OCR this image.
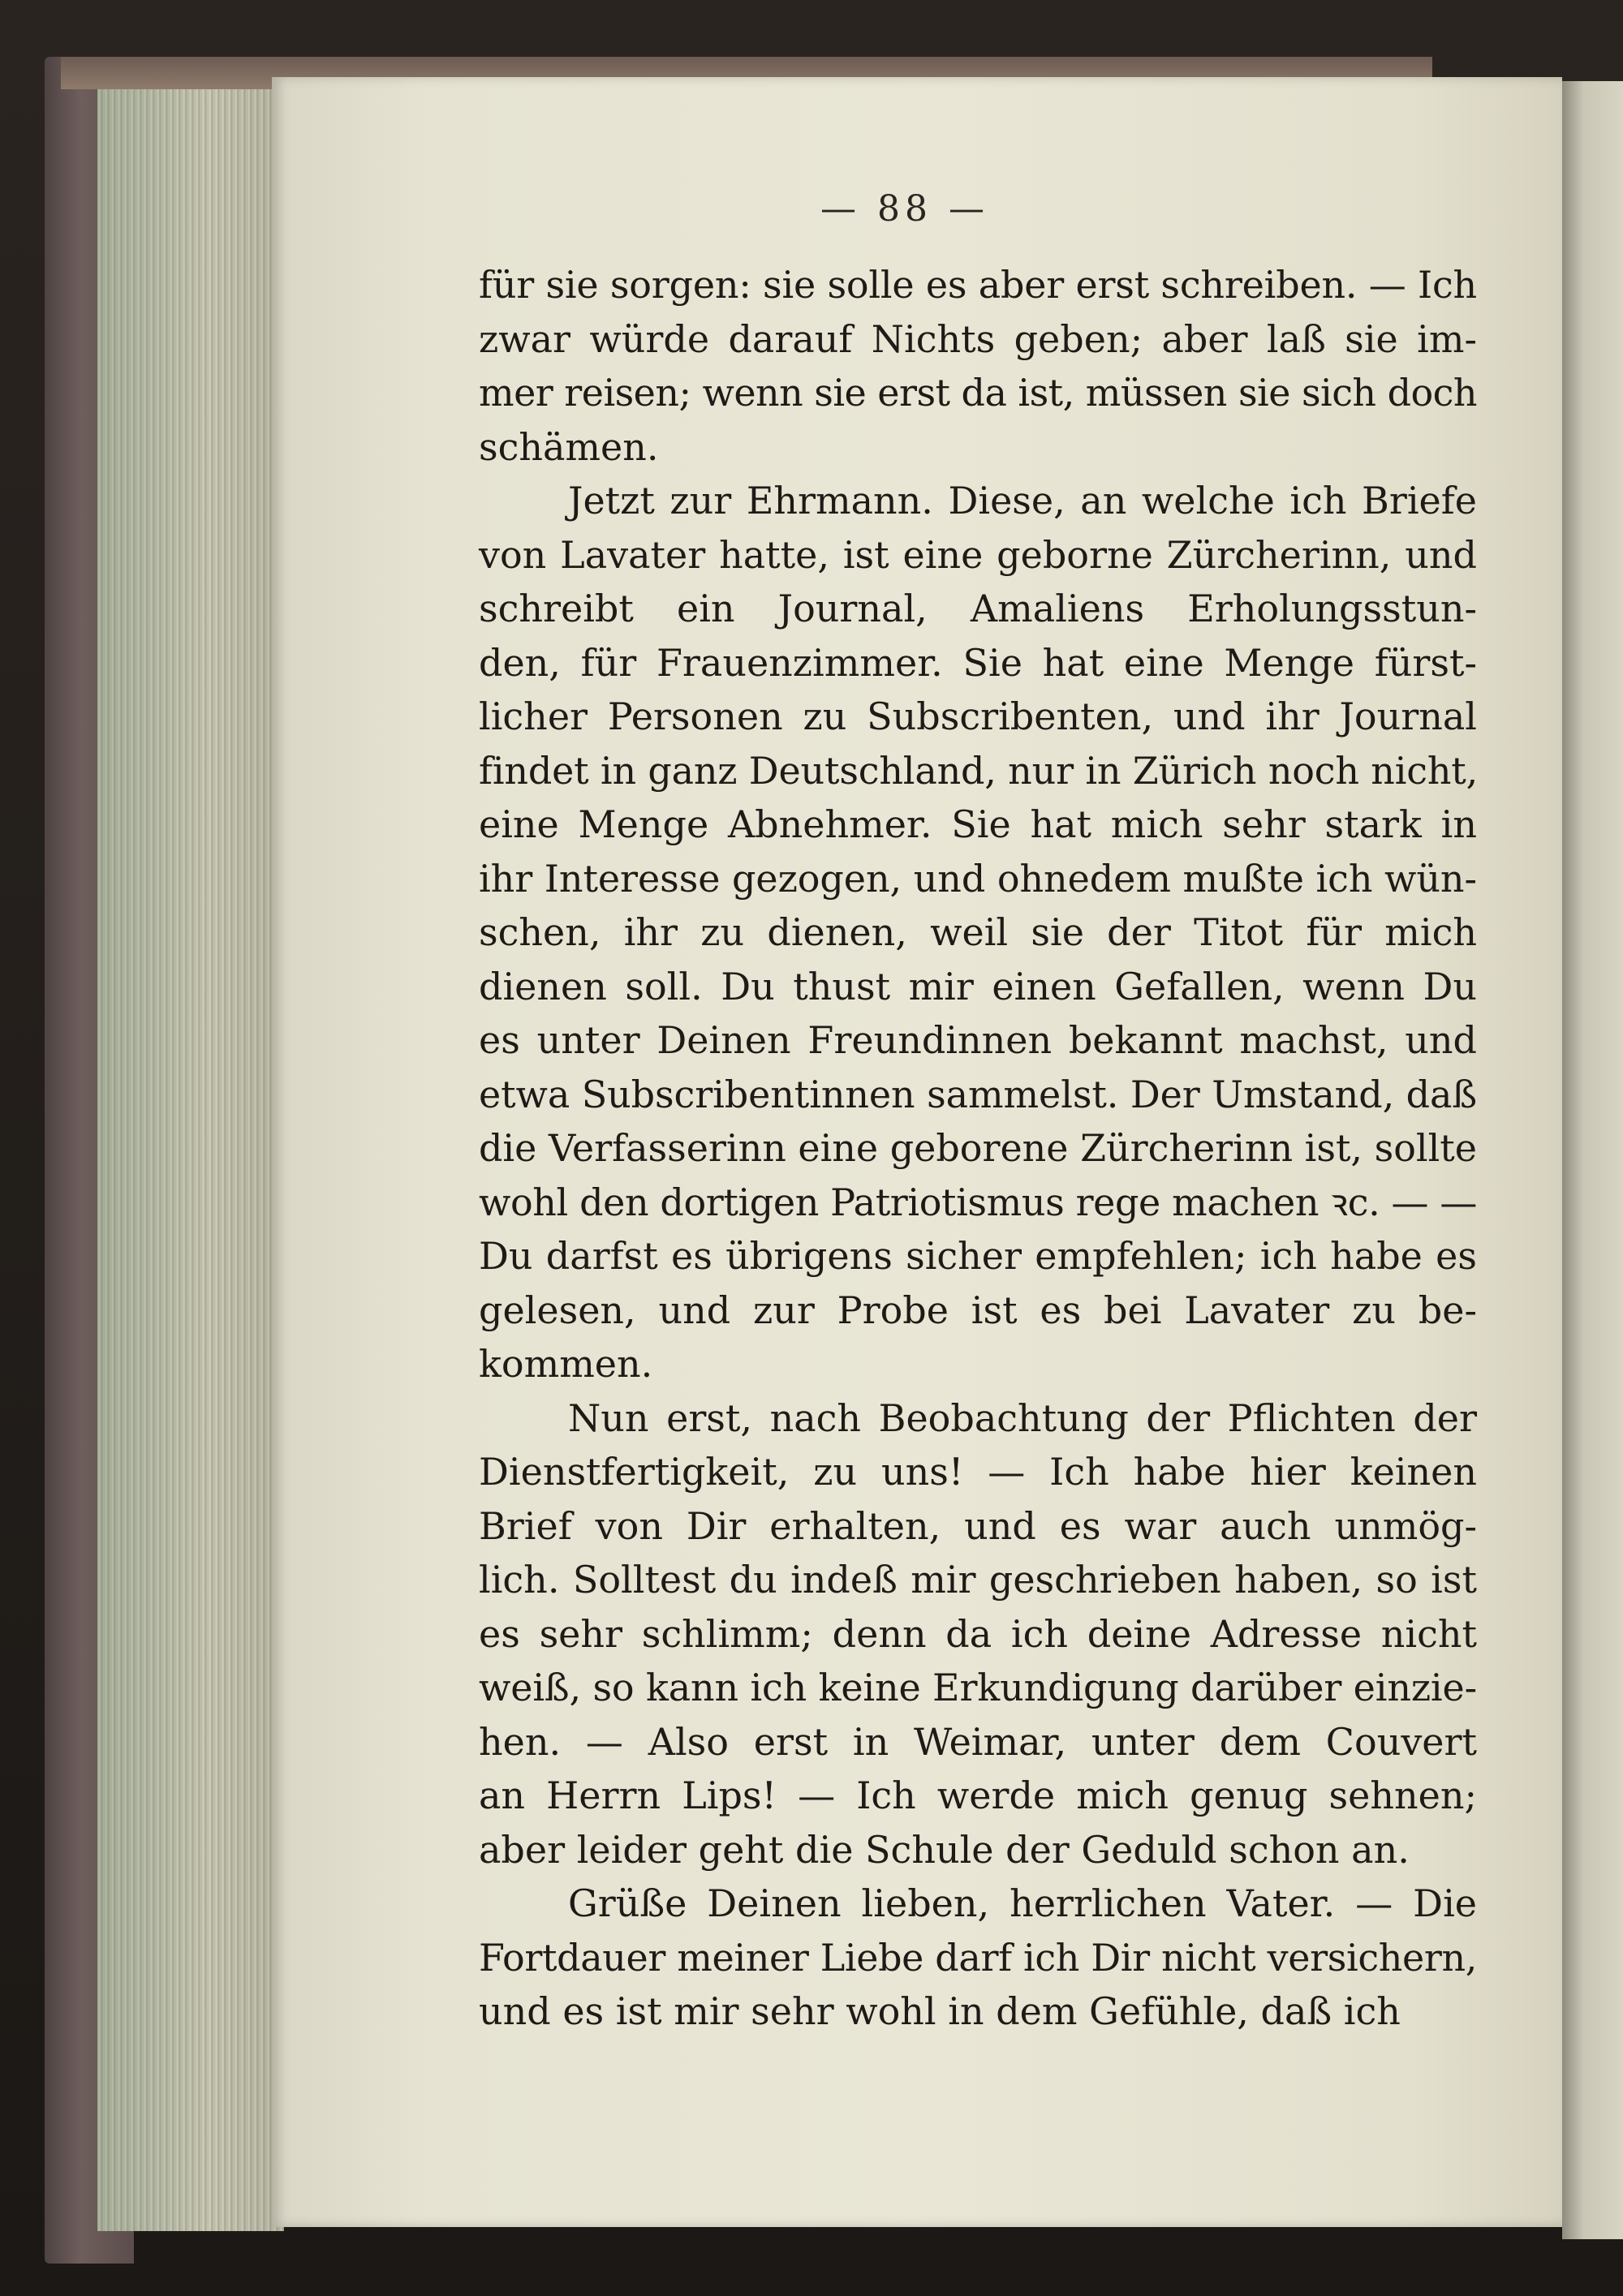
— 88 —

für sie sorgen: sie solle es aber erst schreiben. — Ich
zwar würde darauf Nichts geben; aber laß sie im-
mer reisen; wenn sie erst da ist, müssen sie sich doch
schämen.

Jetzt zur Ehrmann. Diese, an welche ich Briefe
von Lavater hatte, ist eine geborne Zürcherinn, und
schreibt ein Journal, Amaliens Erholungsstun-
den, für Frauenzimmer. Sie hat eine Menge fürst-
licher Personen zu Subscribenten, und ihr Journal
findet in ganz Deutschland, nur in Zürich noch nicht,
eine Menge Abnehmer. Sie hat mich sehr stark in
ihr Interesse gezogen, und ohnedem mußte ich wün-
schen, ihr zu dienen, weil sie der Titot für mich
dienen soll. Du thust mir einen Gefallen, wenn Du
es unter Deinen Freundinnen bekannt machst, und
etwa Subscribentinnen sammelst. Der Umstand, daß
die Verfasserinn eine geborene Zürcherinn ist, sollte
wohl den dortigen Patriotismus rege machen ꝛc. — —
Du darfst es übrigens sicher empfehlen; ich habe es
gelesen, und zur Probe ist es bei Lavater zu be-
kommen.

Nun erst, nach Beobachtung der Pflichten der
Dienstfertigkeit, zu uns! — Ich habe hier keinen
Brief von Dir erhalten, und es war auch unmög-
lich. Solltest du indeß mir geschrieben haben, so ist
es sehr schlimm; denn da ich deine Adresse nicht
weiß, so kann ich keine Erkundigung darüber einzie-
hen. — Also erst in Weimar, unter dem Couvert
an Herrn Lips! — Ich werde mich genug sehnen;
aber leider geht die Schule der Geduld schon an.

Grüße Deinen lieben, herrlichen Vater. — Die
Fortdauer meiner Liebe darf ich Dir nicht versichern,
und es ist mir sehr wohl in dem Gefühle, daß ich
